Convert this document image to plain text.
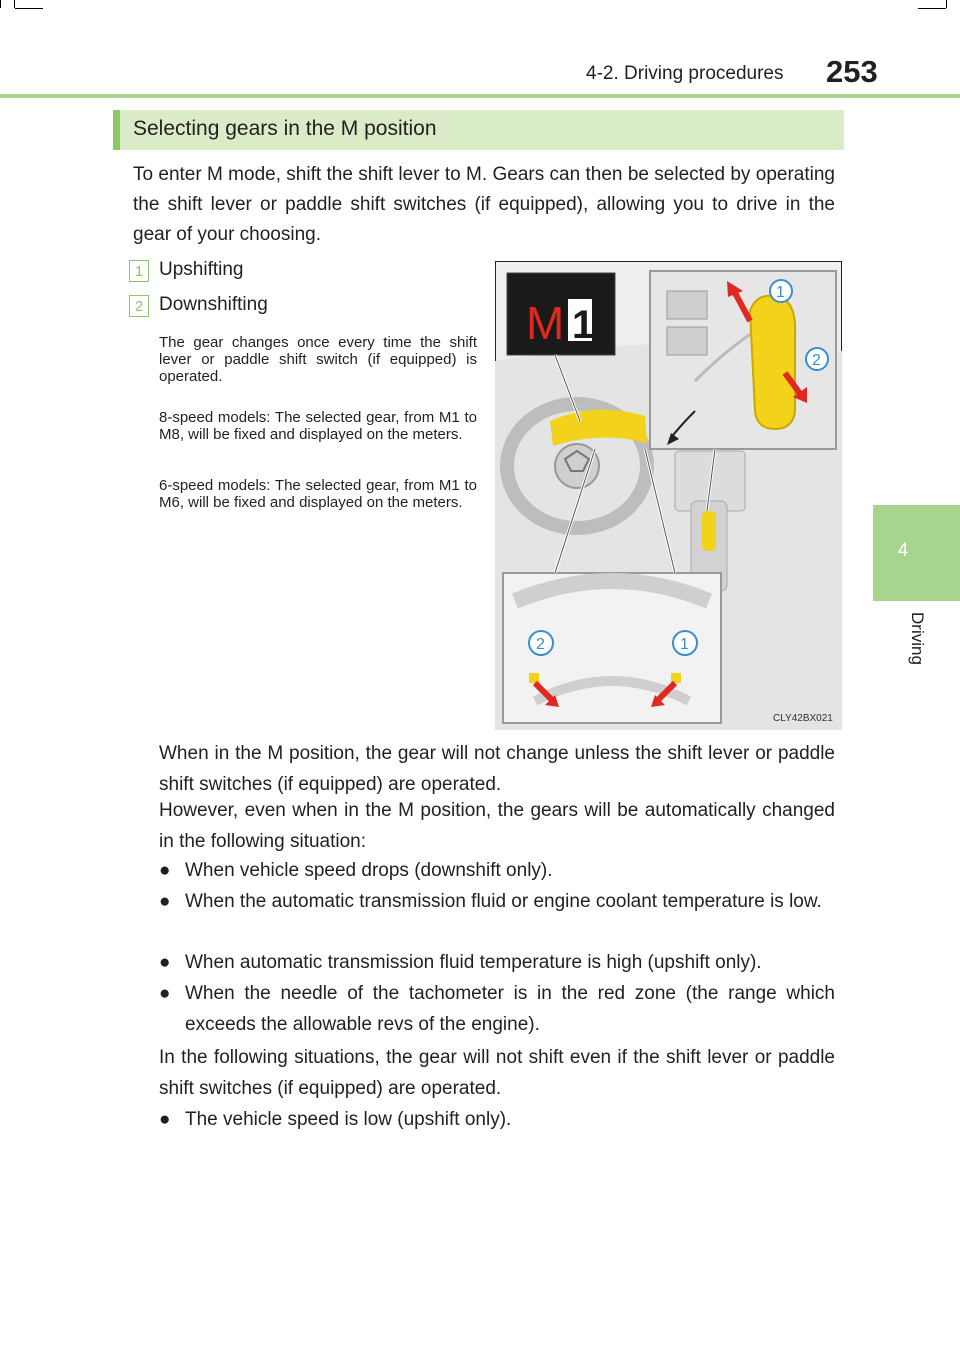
4-2. Driving procedures 253
4
Driving
Selecting gears in the M position
To enter M mode, shift the shift lever to M. Gears can then be selected by operating the shift lever or paddle shift switches (if equipped), allowing you to drive in the gear of your choosing.
1 Upshifting
2 Downshifting
The gear changes once every time the shift lever or paddle shift switch (if equipped) is operated.
8-speed models: The selected gear, from M1 to M8, will be fixed and displayed on the meters.
6-speed models: The selected gear, from M1 to M6, will be fixed and displayed on the meters.
M 1
1
2
2	1
CLY42BX021
When in the M position, the gear will not change unless the shift lever or paddle shift switches (if equipped) are operated.
However, even when in the M position, the gears will be automatically changed in the following situation:
● When vehicle speed drops (downshift only).
● When the automatic transmission fluid or engine coolant temperature is low.
● When automatic transmission fluid temperature is high (upshift only).
● When the needle of the tachometer is in the red zone (the range which exceeds the allowable revs of the engine).
In the following situations, the gear will not shift even if the shift lever or paddle shift switches (if equipped) are operated.
● The vehicle speed is low (upshift only).
